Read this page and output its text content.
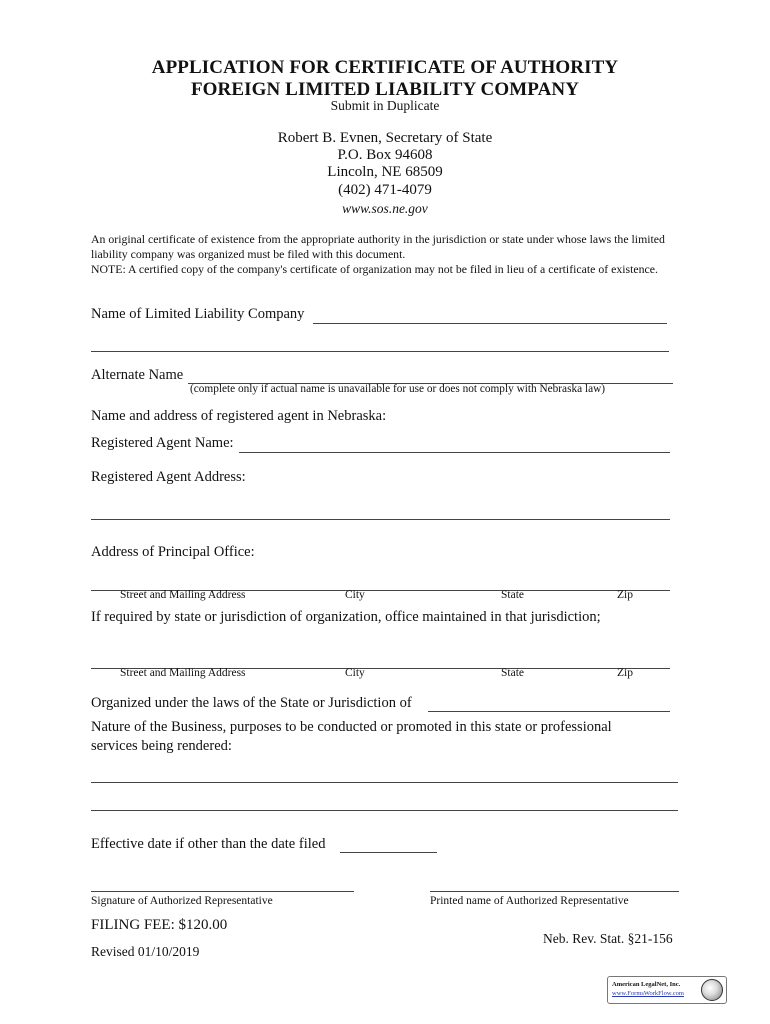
APPLICATION FOR CERTIFICATE OF AUTHORITY
FOREIGN LIMITED LIABILITY COMPANY
Submit in Duplicate
Robert B. Evnen, Secretary of State
P.O. Box 94608
Lincoln, NE 68509
(402) 471-4079
www.sos.ne.gov
An original certificate of existence from the appropriate authority in the jurisdiction or state under whose laws the limited liability company was organized must be filed with this document.
NOTE: A certified copy of the company's certificate of organization may not be filed in lieu of a certificate of existence.
Name of Limited Liability Company
Alternate Name
(complete only if actual name is unavailable for use or does not comply with Nebraska law)
Name and address of registered agent in Nebraska:
Registered Agent Name:
Registered Agent Address:
Address of Principal Office:
Street and Mailing Address	City	State	Zip
If required by state or jurisdiction of organization, office maintained in that jurisdiction;
Street and Mailing Address	City	State	Zip
Organized under the laws of the State or Jurisdiction of
Nature of the Business, purposes to be conducted or promoted in this state or professional
services being rendered:
Effective date if other than the date filed
Signature of Authorized Representative	Printed name of Authorized Representative
FILING FEE: $120.00
Neb. Rev. Stat. §21-156
Revised 01/10/2019
American LegalNet, Inc.
www.FormsWorkFlow.com
